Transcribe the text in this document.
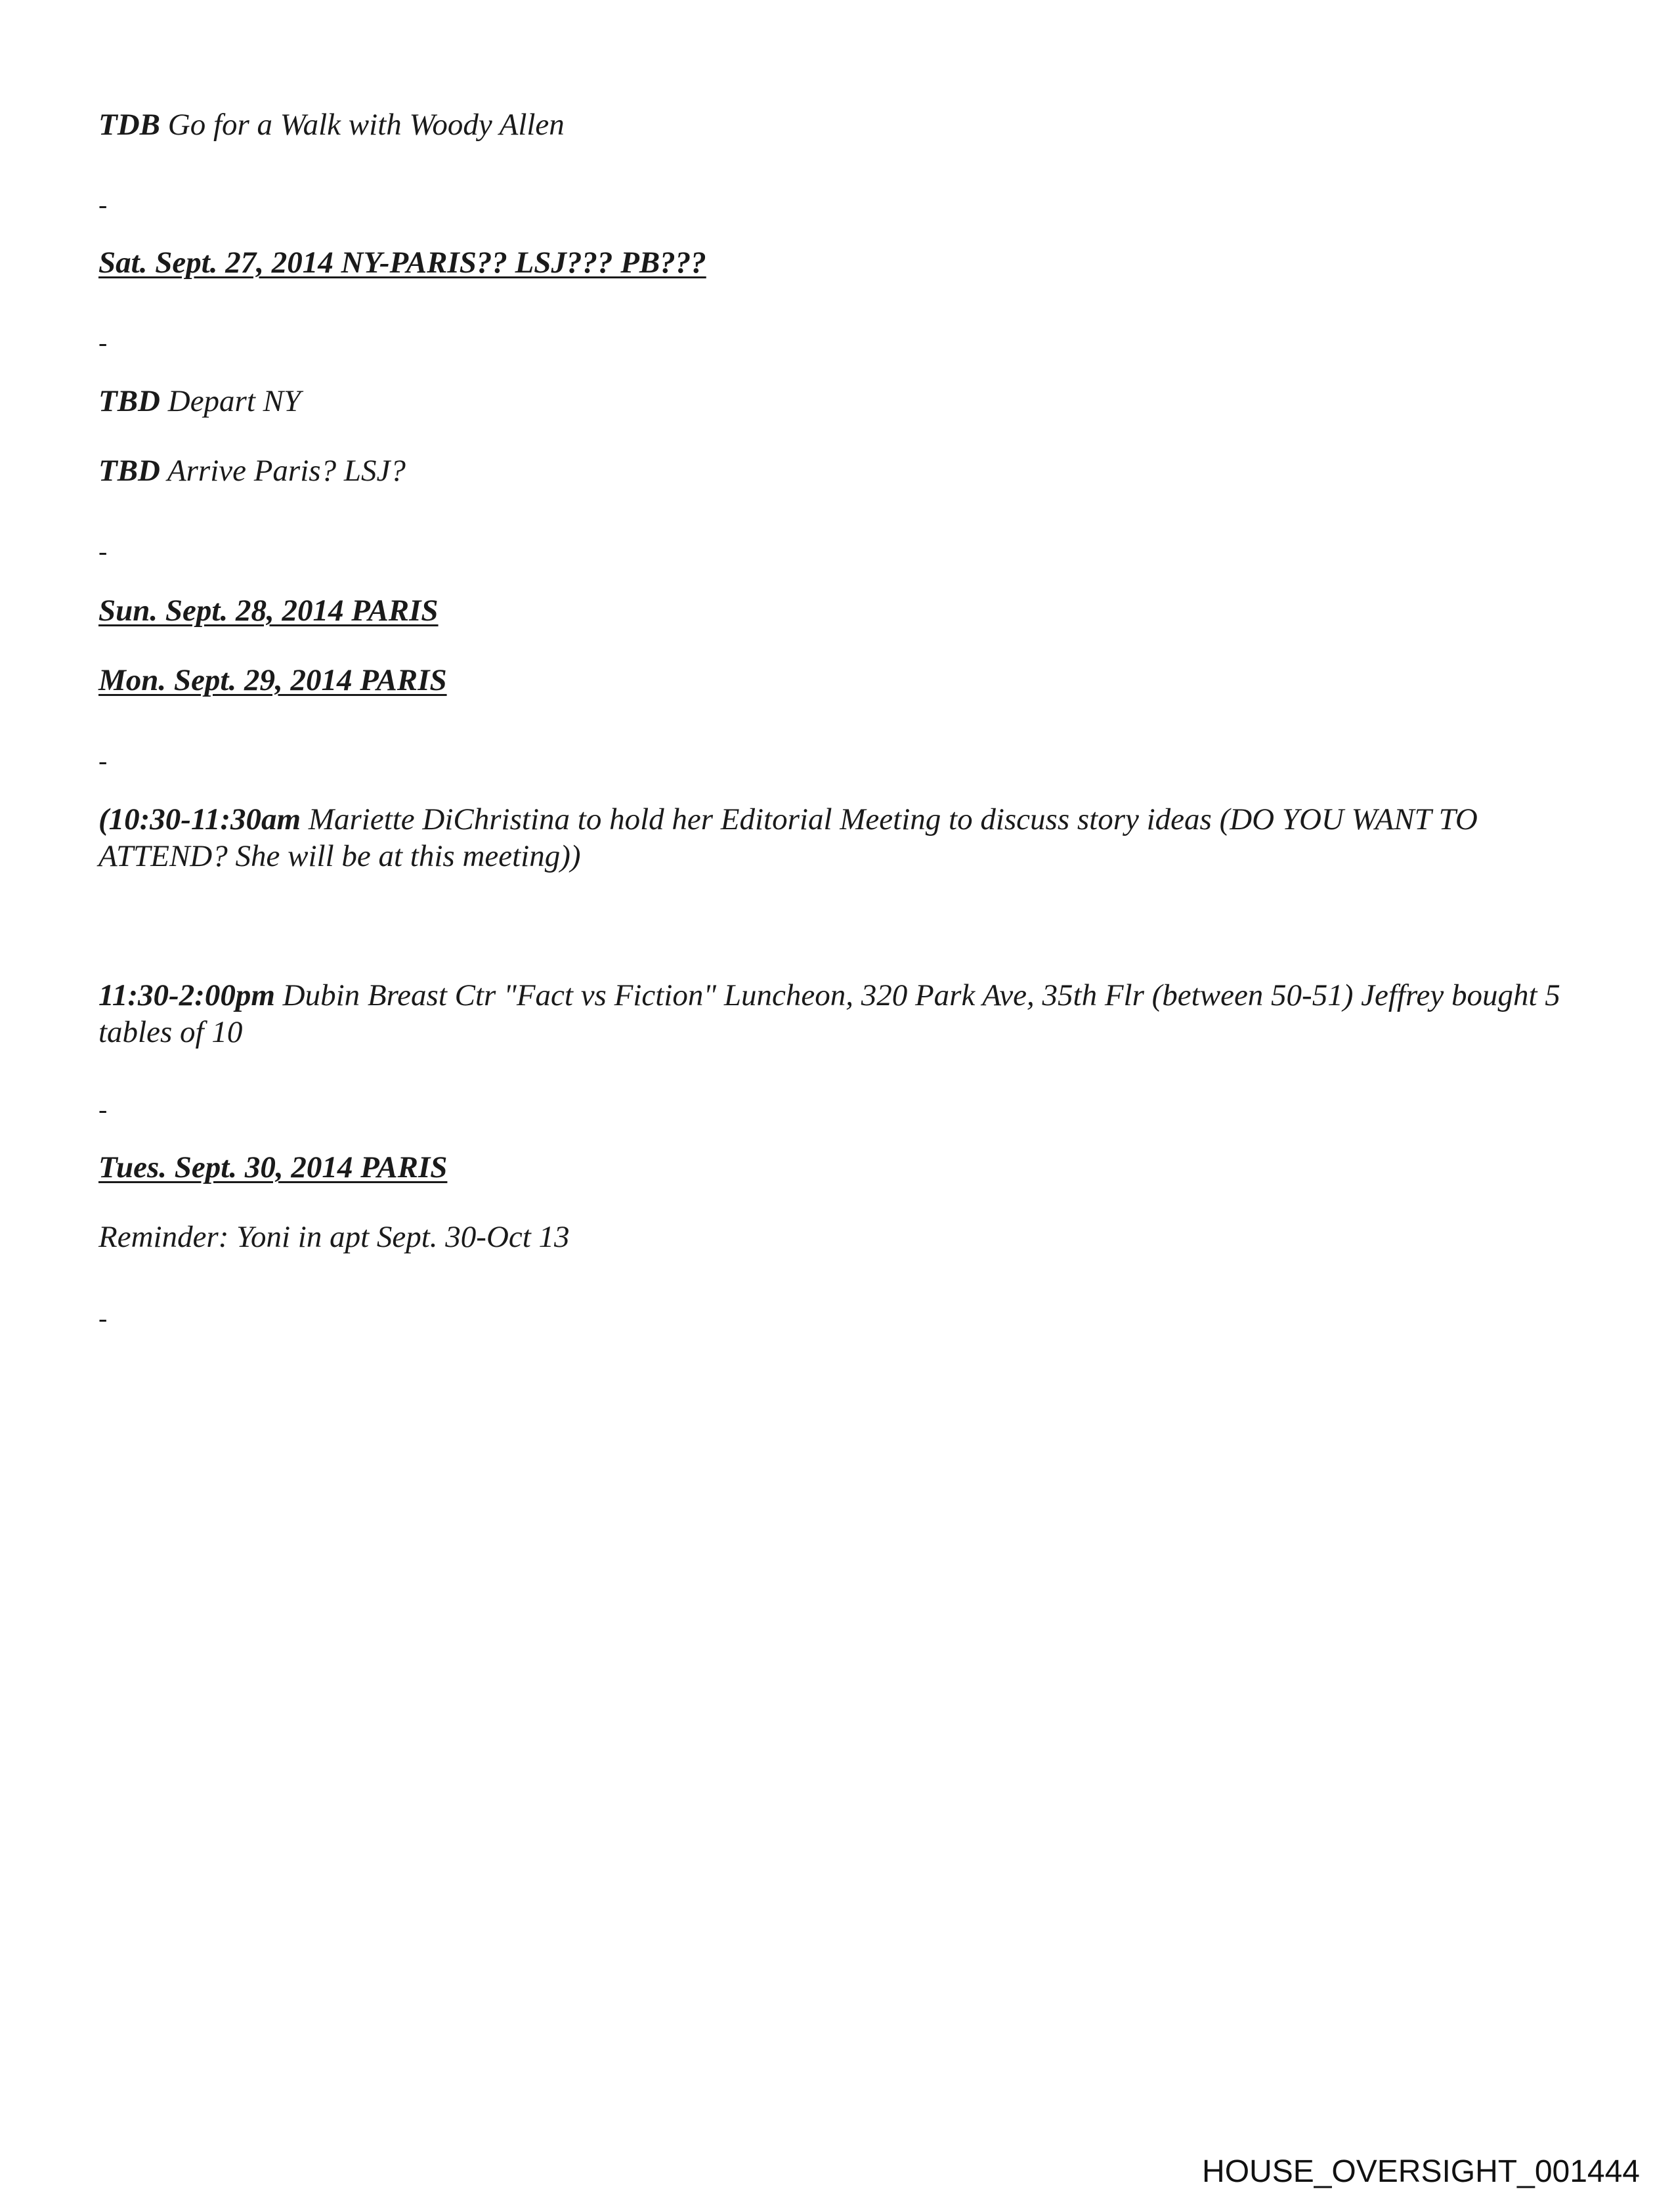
TDB Go for a Walk with Woody Allen
-
Sat. Sept. 27, 2014 NY-PARIS?? LSJ??? PB???
-
TBD Depart NY
TBD Arrive Paris? LSJ?
-
Sun. Sept. 28, 2014 PARIS
Mon. Sept. 29, 2014 PARIS
-
(10:30-11:30am Mariette DiChristina to hold her Editorial Meeting to discuss story ideas (DO YOU WANT TO ATTEND? She will be at this meeting))
11:30-2:00pm Dubin Breast Ctr "Fact vs Fiction" Luncheon, 320 Park Ave, 35th Flr (between 50-51) Jeffrey bought 5 tables of 10
-
Tues. Sept. 30, 2014 PARIS
Reminder: Yoni in apt Sept. 30-Oct 13
-
HOUSE_OVERSIGHT_001444
